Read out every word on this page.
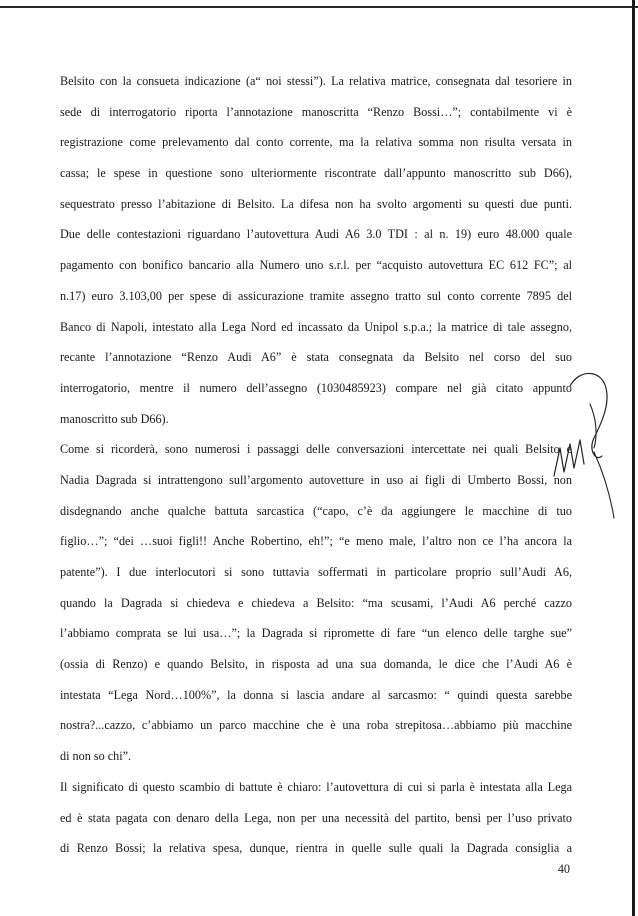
Belsito con la consueta indicazione (a“ noi stessi”). La relativa matrice, consegnata dal tesoriere in
sede di interrogatorio riporta l’annotazione manoscritta “Renzo Bossi…”; contabilmente vi è
registrazione come prelevamento dal conto corrente, ma la relativa somma non risulta versata in
cassa; le spese in questione sono ulteriormente riscontrate dall’appunto manoscritto sub D66),
sequestrato presso l’abitazione di Belsito. La difesa non ha svolto argomenti su questi due punti.
Due delle contestazioni riguardano l’autovettura Audi A6 3.0 TDI : al n. 19) euro 48.000 quale
pagamento con bonifico bancario alla Numero uno s.r.l. per “acquisto autovettura EC 612 FC”; al
n.17) euro 3.103,00 per spese di assicurazione tramite assegno tratto sul conto corrente 7895 del
Banco di Napoli, intestato alla Lega Nord ed incassato da Unipol s.p.a.; la matrice di tale assegno,
recante l’annotazione “Renzo Audi A6” è stata consegnata da Belsito nel corso del suo
interrogatorio, mentre il numero dell’assegno (1030485923) compare nel già citato appunto
manoscritto sub D66).
Come si ricorderà, sono numerosi i passaggi delle conversazioni intercettate nei quali Belsito e
Nadia Dagrada si intrattengono sull’argomento autovetture in uso ai figli di Umberto Bossi, non
disdegnando anche qualche battuta sarcastica (“capo, c’è da aggiungere le macchine di tuo
figlio…”; “dei …suoi figli!! Anche Robertino, eh!”; “e meno male, l’altro non ce l’ha ancora la
patente”). I due interlocutori si sono tuttavia soffermati in particolare proprio sull’Audi A6,
quando la Dagrada si chiedeva e chiedeva a Belsito: “ma scusami, l’Audi A6 perché cazzo
l’abbiamo comprata se lui usa…”; la Dagrada si ripromette di fare “un elenco delle targhe sue”
(ossia di Renzo) e quando Belsito, in risposta ad una sua domanda, le dice che l’Audi A6 è
intestata “Lega Nord…100%”, la donna si lascia andare al sarcasmo: “ quindi questa sarebbe
nostra?...cazzo, c’abbiamo un parco macchine che è una roba strepitosa…abbiamo più macchine
di non so chi”.
Il significato di questo scambio di battute è chiaro: l’autovettura di cui si parla è intestata alla Lega
ed è stata pagata con denaro della Lega, non per una necessità del partito, bensì per l’uso privato
di Renzo Bossi; la relativa spesa, dunque, rientra in quelle sulle quali la Dagrada consiglia a
40
